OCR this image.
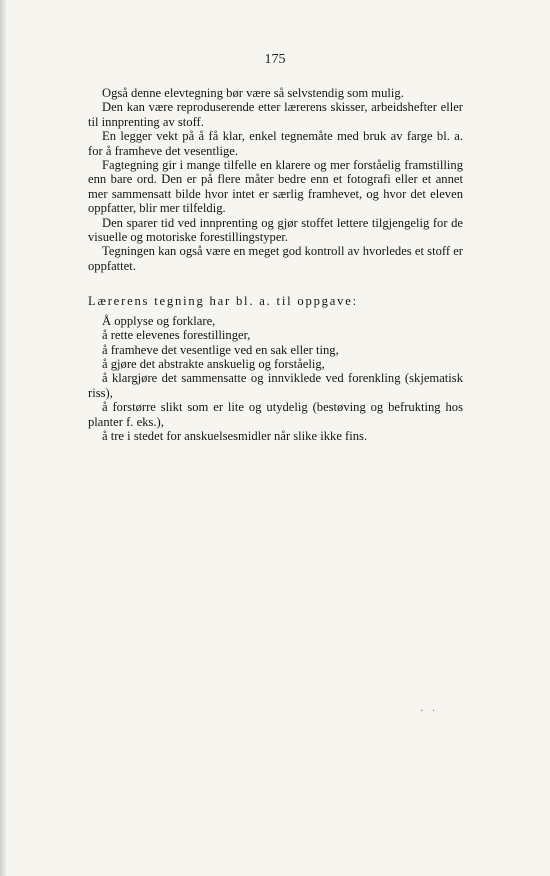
175

Også denne elevtegning bør være så selvstendig som mulig.

Den kan være reproduserende etter lærerens skisser, arbeidshefter eller til innprenting av stoff.

En legger vekt på å få klar, enkel tegnemåte med bruk av farge bl. a. for å framheve det vesentlige.

Fagtegning gir i mange tilfelle en klarere og mer forståelig framstilling enn bare ord. Den er på flere måter bedre enn et fotografi eller et annet mer sammensatt bilde hvor intet er særlig framhevet, og hvor det eleven oppfatter, blir mer tilfeldig.

Den sparer tid ved innprenting og gjør stoffet lettere tilgjengelig for de visuelle og motoriske forestillingstyper.

Tegningen kan også være en meget god kontroll av hvorledes et stoff er oppfattet.

Lærerens tegning har bl. a. til oppgave:

Å opplyse og forklare,
å rette elevenes forestillinger,
å framheve det vesentlige ved en sak eller ting,
å gjøre det abstrakte anskuelig og forståelig,
å klargjøre det sammensatte og innviklede ved forenkling (skjematisk riss),
å forstørre slikt som er lite og utydelig (bestøving og befrukting hos planter f. eks.),
å tre i stedet for anskuelsesmidler når slike ikke fins.
· ·
